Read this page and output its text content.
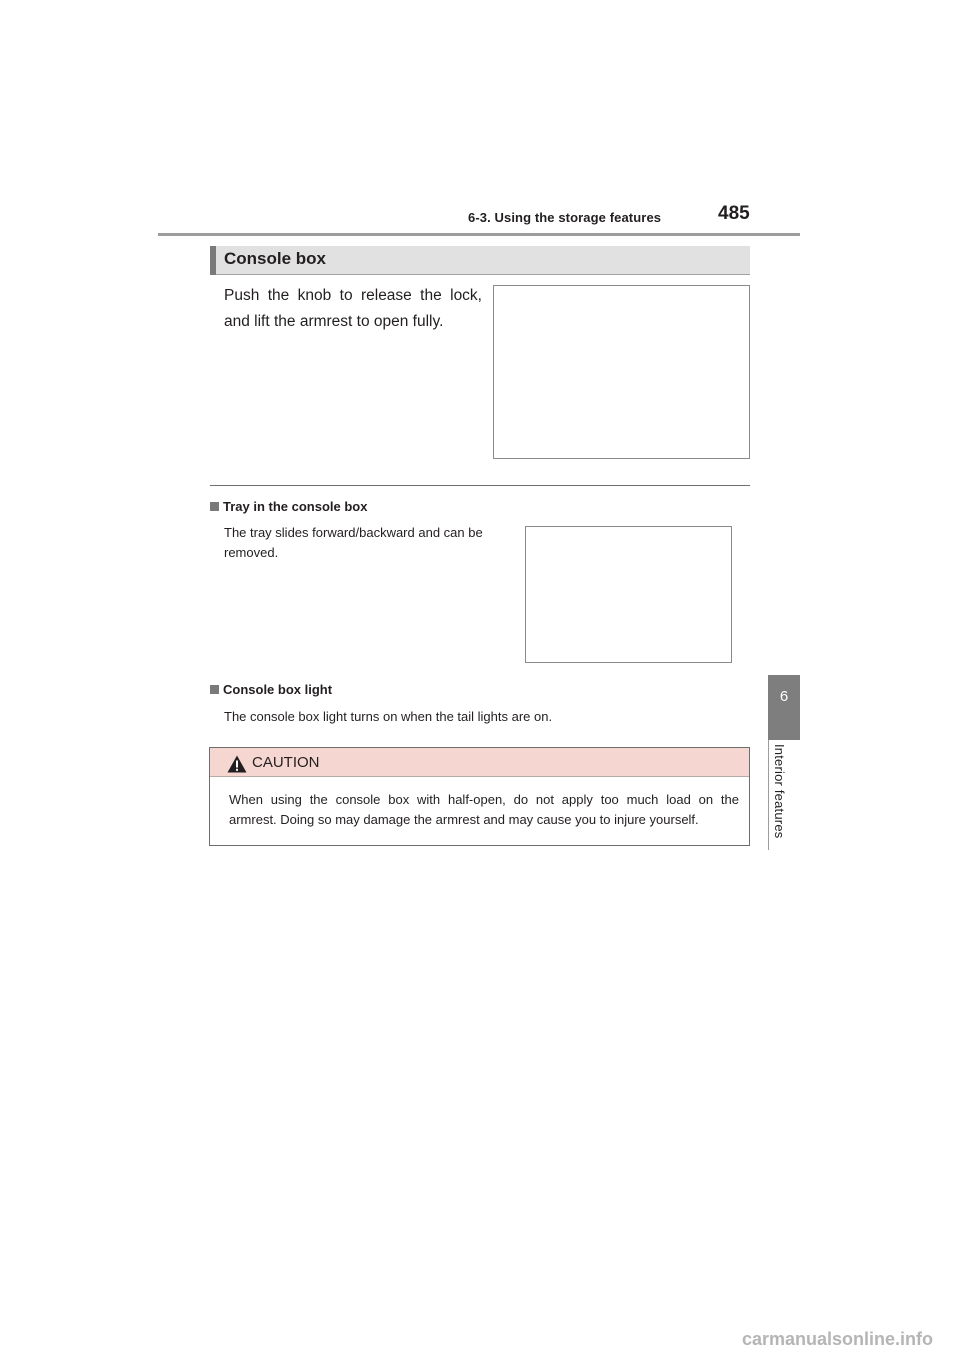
6-3. Using the storage features	485
6
Interior features
Console box
Push the knob to release the lock, and lift the armrest to open fully.
Tray in the console box
The tray slides forward/backward and can be removed.
Console box light
The console box light turns on when the tail lights are on.
CAUTION
When using the console box with half-open, do not apply too much load on the
armrest. Doing so may damage the armrest and may cause you to injure yourself.
carmanualsonline.info
